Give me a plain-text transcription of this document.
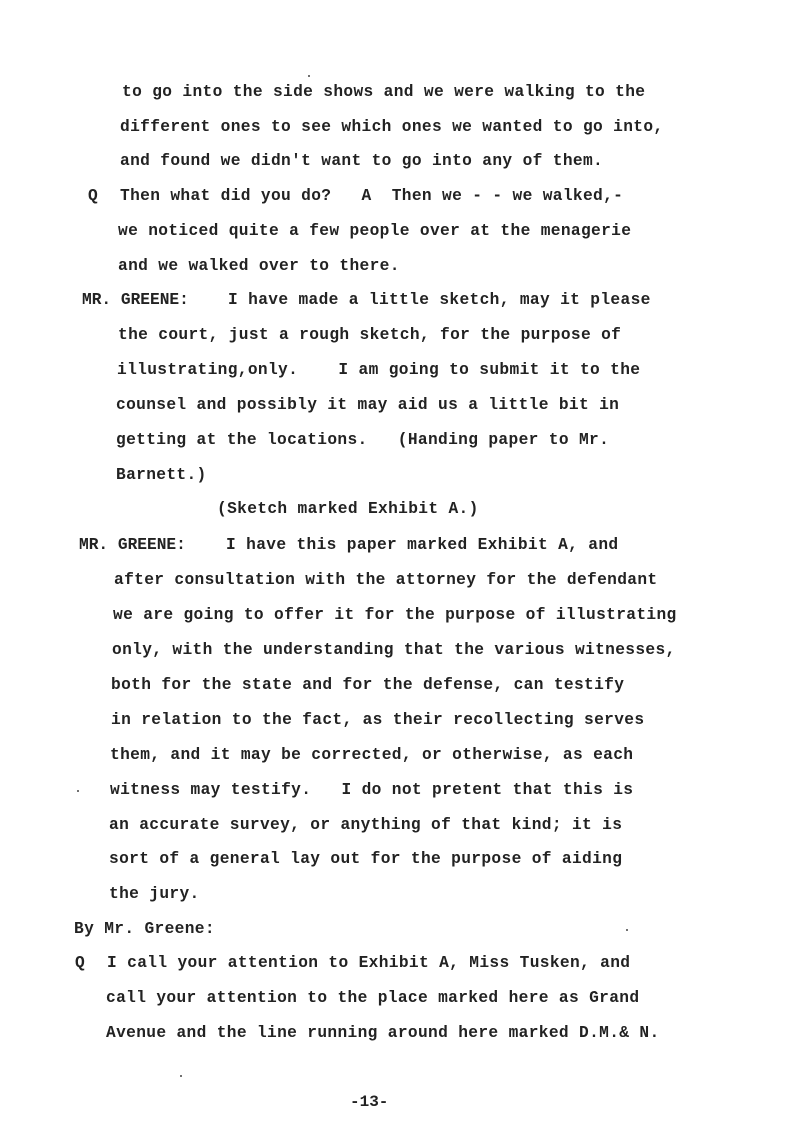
to go into the side shows and we were walking to the
different ones to see which ones we wanted to go into,
and found we didn't want to go into any of them.
Q Then what did you do?   A  Then we - - we walked,-
we noticed quite a few people over at the menagerie
and we walked over to there.
MR. GREENE: I have made a little sketch, may it please
the court, just a rough sketch, for the purpose of
illustrating,only.    I am going to submit it to the
counsel and possibly it may aid us a little bit in
getting at the locations.   (Handing paper to Mr.
Barnett.)
(Sketch marked Exhibit A.)
MR. GREENE: I have this paper marked Exhibit A, and
after consultation with the attorney for the defendant
we are going to offer it for the purpose of illustrating
only, with the understanding that the various witnesses,
both for the state and for the defense, can testify
in relation to the fact, as their recollecting serves
them, and it may be corrected, or otherwise, as each
witness may testify.   I do not pretent that this is
an accurate survey, or anything of that kind; it is
sort of a general lay out for the purpose of aiding
the jury.
By Mr. Greene:
Q I call your attention to Exhibit A, Miss Tusken, and
call your attention to the place marked here as Grand
Avenue and the line running around here marked D.M.& N.
-13-
